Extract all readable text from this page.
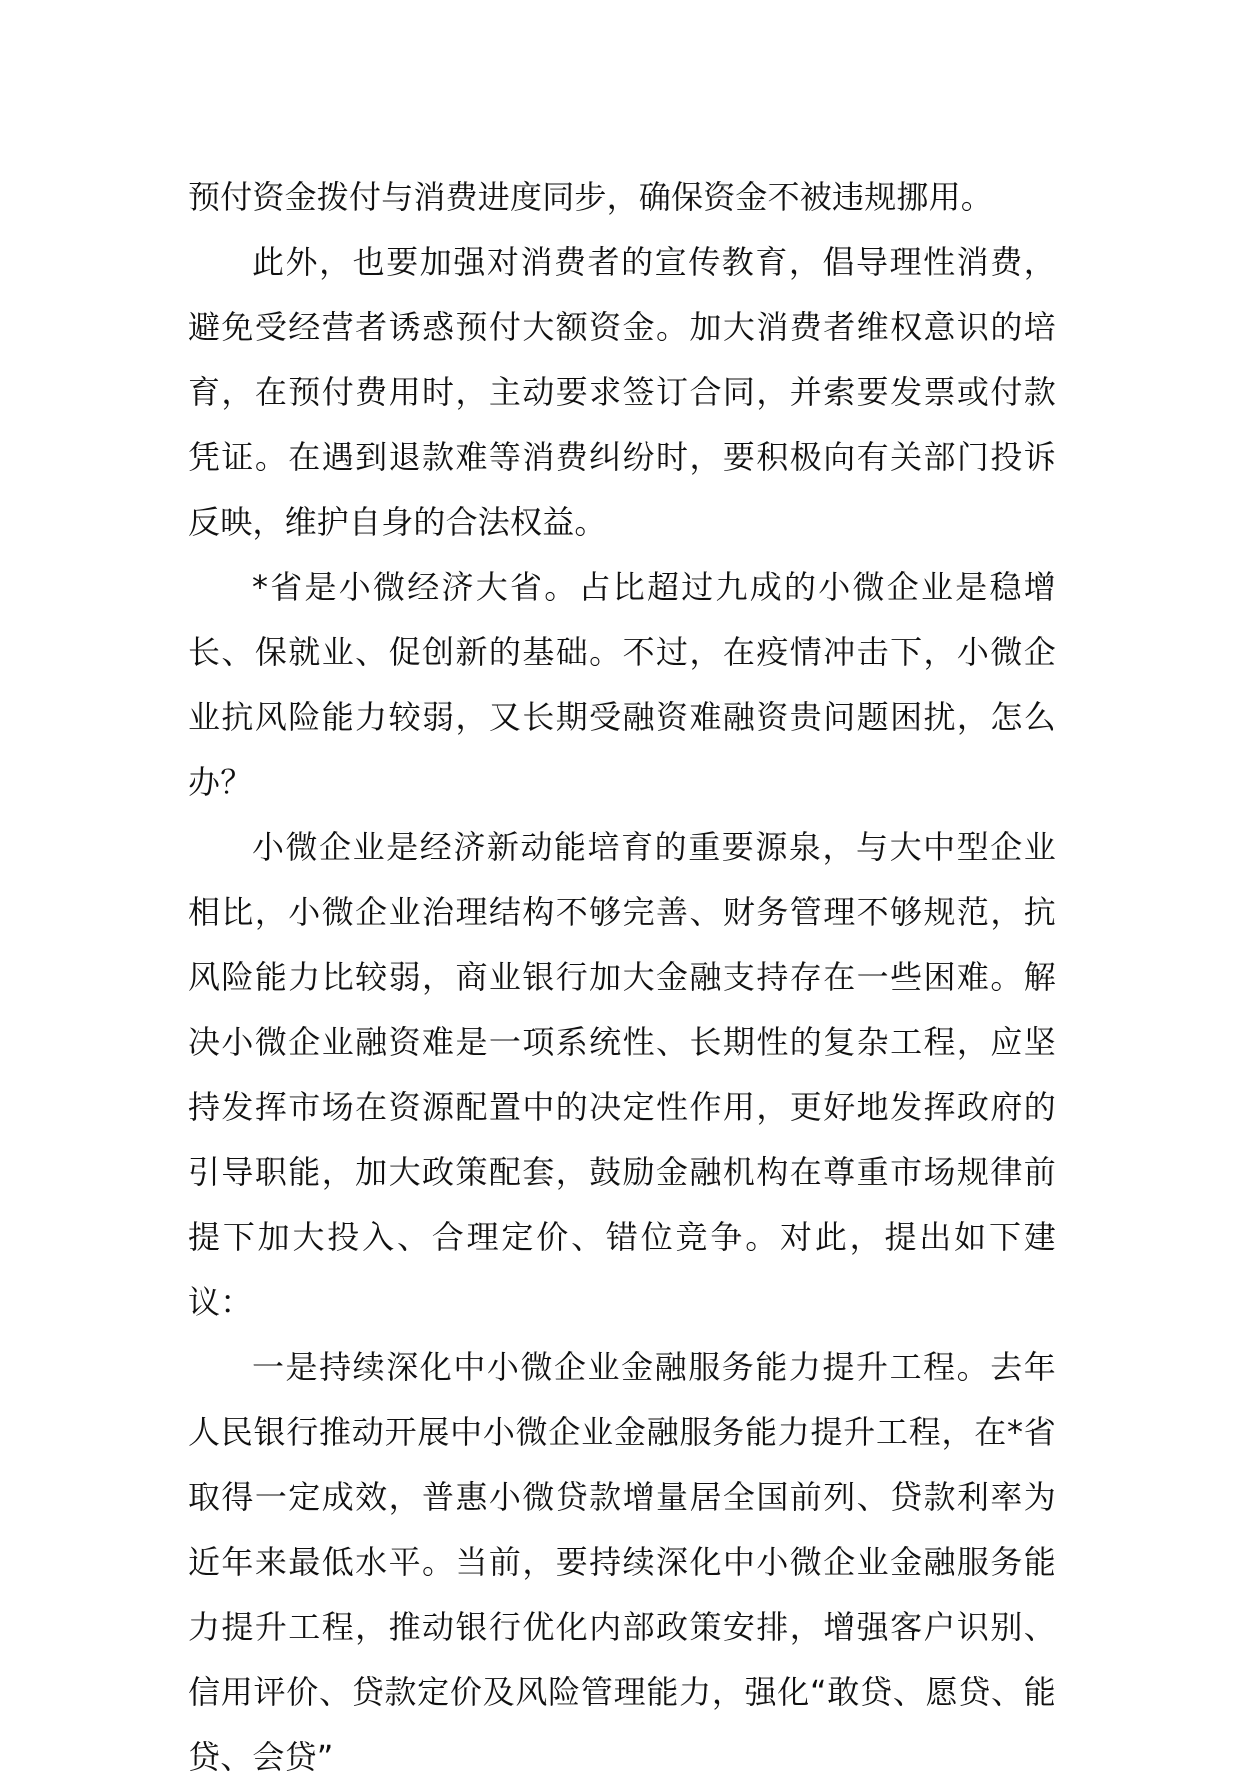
预付资金拨付与消费进度同步，确保资金不被违规挪用。

此外，也要加强对消费者的宣传教育，倡导理性消费，避免受经营者诱惑预付大额资金。加大消费者维权意识的培育，在预付费用时，主动要求签订合同，并索要发票或付款凭证。在遇到退款难等消费纠纷时，要积极向有关部门投诉反映，维护自身的合法权益。

*省是小微经济大省。占比超过九成的小微企业是稳增长、保就业、促创新的基础。不过，在疫情冲击下，小微企业抗风险能力较弱，又长期受融资难融资贵问题困扰，怎么办？

小微企业是经济新动能培育的重要源泉，与大中型企业相比，小微企业治理结构不够完善、财务管理不够规范，抗风险能力比较弱，商业银行加大金融支持存在一些困难。解决小微企业融资难是一项系统性、长期性的复杂工程，应坚持发挥市场在资源配置中的决定性作用，更好地发挥政府的引导职能，加大政策配套，鼓励金融机构在尊重市场规律前提下加大投入、合理定价、错位竞争。对此，提出如下建议：

一是持续深化中小微企业金融服务能力提升工程。去年人民银行推动开展中小微企业金融服务能力提升工程，在*省取得一定成效，普惠小微贷款增量居全国前列、贷款利率为近年来最低水平。当前，要持续深化中小微企业金融服务能力提升工程，推动银行优化内部政策安排，增强客户识别、信用评价、贷款定价及风险管理能力，强化“敢贷、愿贷、能贷、会贷”
